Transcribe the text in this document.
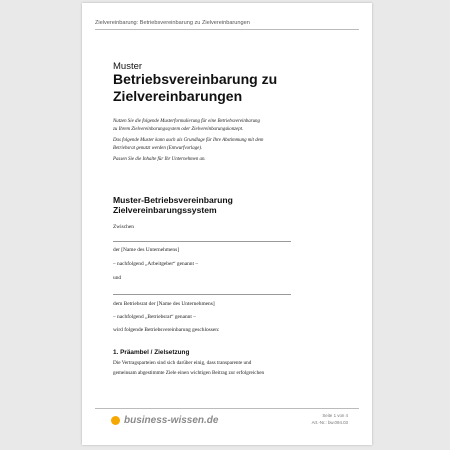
Zielvereinbarung: Betriebsvereinbarung zu Zielvereinbarungen
Muster
Betriebsvereinbarung zu
Zielvereinbarungen

Nutzen Sie die folgende Musterformulierung für eine Betriebsvereinbarung
zu Ihrem Zielvereinbarungssystem oder Zielvereinbarungskonzept.

Das folgende Muster kann auch als Grundlage für Ihre Abstimmung mit dem
Betriebsrat genutzt werden (Entwurfvorlage).

Passen Sie die Inhalte für Ihr Unternehmen an.

Muster-Betriebsvereinbarung
Zielvereinbarungssystem
Zwischen
der [Name des Unternehmens]
– nachfolgend „Arbeitgeber“ genannt –
und
dem Betriebsrat der [Name des Unternehmens]
– nachfolgend „Betriebsrat“ genannt –
wird folgende Betriebsvereinbarung geschlossen:
1. Präambel / Zielsetzung
Die Vertragsparteien sind sich darüber einig, dass transparente und
gemeinsam abgestimmte Ziele einen wichtigen Beitrag zur erfolgreichen
business-wissen.de	Seite 1 von 4
Art.-Nr.: bw.094.03
